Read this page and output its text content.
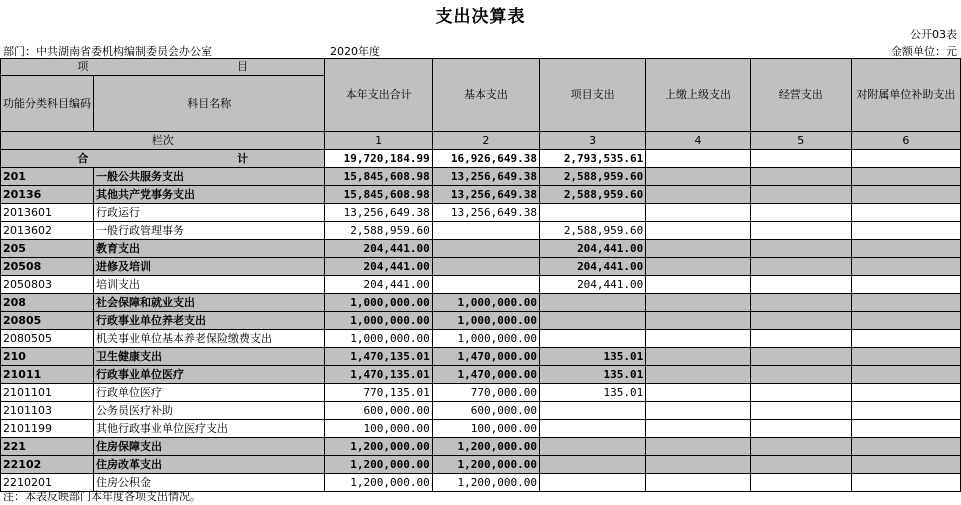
支出决算表
公开03表
部门：中共湖南省委机构编制委员会办公室	2020年度	金额单位：元
项 目		本年支出合计	基本支出	项目支出	上缴上级支出	经营支出	对附属单位补助支出
功能分类科目编码	科目名称						
栏次		1	2	3	4	5	6

合 计		19,720,184.99	16,926,649.38	2,793,535.61			
201	一般公共服务支出	15,845,608.98	13,256,649.38	2,588,959.60			
20136	其他共产党事务支出	15,845,608.98	13,256,649.38	2,588,959.60			
2013601	行政运行	13,256,649.38	13,256,649.38				
2013602	一般行政管理事务	2,588,959.60		2,588,959.60			
205	教育支出	204,441.00		204,441.00			
20508	进修及培训	204,441.00		204,441.00			
2050803	培训支出	204,441.00		204,441.00			
208	社会保障和就业支出	1,000,000.00	1,000,000.00				
20805	行政事业单位养老支出	1,000,000.00	1,000,000.00				
2080505	机关事业单位基本养老保险缴费支出	1,000,000.00	1,000,000.00				
210	卫生健康支出	1,470,135.01	1,470,000.00	135.01			
21011	行政事业单位医疗	1,470,135.01	1,470,000.00	135.01			
2101101	行政单位医疗	770,135.01	770,000.00	135.01			
2101103	公务员医疗补助	600,000.00	600,000.00				
2101199	其他行政事业单位医疗支出	100,000.00	100,000.00				
221	住房保障支出	1,200,000.00	1,200,000.00				
22102	住房改革支出	1,200,000.00	1,200,000.00				
2210201	住房公积金	1,200,000.00	1,200,000.00				
注：本表反映部门本年度各项支出情况。
